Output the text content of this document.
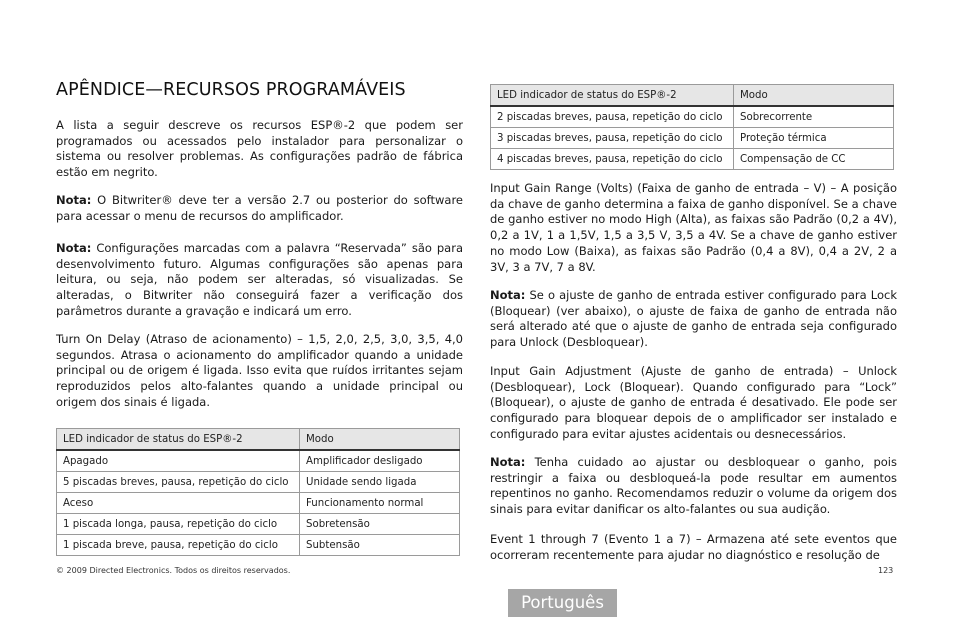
APÊNDICE—RECURSOS PROGRAMÁVEIS

A lista a seguir descreve os recursos ESP®-2 que podem ser programados ou acessados pelo instalador para personalizar o sistema ou resolver problemas. As configurações padrão de fábrica estão em negrito.

Nota: O Bitwriter® deve ter a versão 2.7 ou posterior do software para acessar o menu de recursos do amplificador.

Nota: Configurações marcadas com a palavra “Reservada” são para desenvolvimento futuro. Algumas configurações são apenas para leitura, ou seja, não podem ser alteradas, só visualizadas. Se alteradas, o Bitwriter não conseguirá fazer a verificação dos parâmetros durante a gravação e indicará um erro.

Turn On Delay (Atraso de acionamento) – 1,5, 2,0, 2,5, 3,0, 3,5, 4,0 segundos. Atrasa o acionamento do amplificador quando a unidade principal ou de origem é ligada. Isso evita que ruídos irritantes sejam reproduzidos pelos alto-falantes quando a unidade principal ou origem dos sinais é ligada.

LED indicador de status do ESP®-2	Modo
Apagado	Amplificador desligado
5 piscadas breves, pausa, repetição do ciclo	Unidade sendo ligada
Aceso	Funcionamento normal
1 piscada longa, pausa, repetição do ciclo	Sobretensão
1 piscada breve, pausa, repetição do ciclo	Subtensão
LED indicador de status do ESP®-2	Modo
2 piscadas breves, pausa, repetição do ciclo	Sobrecorrente
3 piscadas breves, pausa, repetição do ciclo	Proteção térmica
4 piscadas breves, pausa, repetição do ciclo	Compensação de CC

Input Gain Range (Volts) (Faixa de ganho de entrada – V) – A posição da chave de ganho determina a faixa de ganho disponível. Se a chave de ganho estiver no modo High (Alta), as faixas são Padrão (0,2 a 4V), 0,2 a 1V, 1 a 1,5V, 1,5 a 3,5 V, 3,5 a 4V. Se a chave de ganho estiver no modo Low (Baixa), as faixas são Padrão (0,4 a 8V), 0,4 a 2V, 2 a 3V, 3 a 7V, 7 a 8V.

Nota: Se o ajuste de ganho de entrada estiver configurado para Lock (Bloquear) (ver abaixo), o ajuste de faixa de ganho de entrada não será alterado até que o ajuste de ganho de entrada seja configurado para Unlock (Desbloquear).

Input Gain Adjustment (Ajuste de ganho de entrada) – Unlock (Desbloquear), Lock (Bloquear). Quando configurado para “Lock” (Bloquear), o ajuste de ganho de entrada é desativado. Ele pode ser configurado para bloquear depois de o amplificador ser instalado e configurado para evitar ajustes acidentais ou desnecessários.

Nota: Tenha cuidado ao ajustar ou desbloquear o ganho, pois restringir a faixa ou desbloqueá-la pode resultar em aumentos repentinos no ganho. Recomendamos reduzir o volume da origem dos sinais para evitar danificar os alto-falantes ou sua audição.

Event 1 through 7 (Evento 1 a 7) – Armazena até sete eventos que ocorreram recentemente para ajudar no diagnóstico e resolução de

© 2009 Directed Electronics. Todos os direitos reservados.	123
Português
